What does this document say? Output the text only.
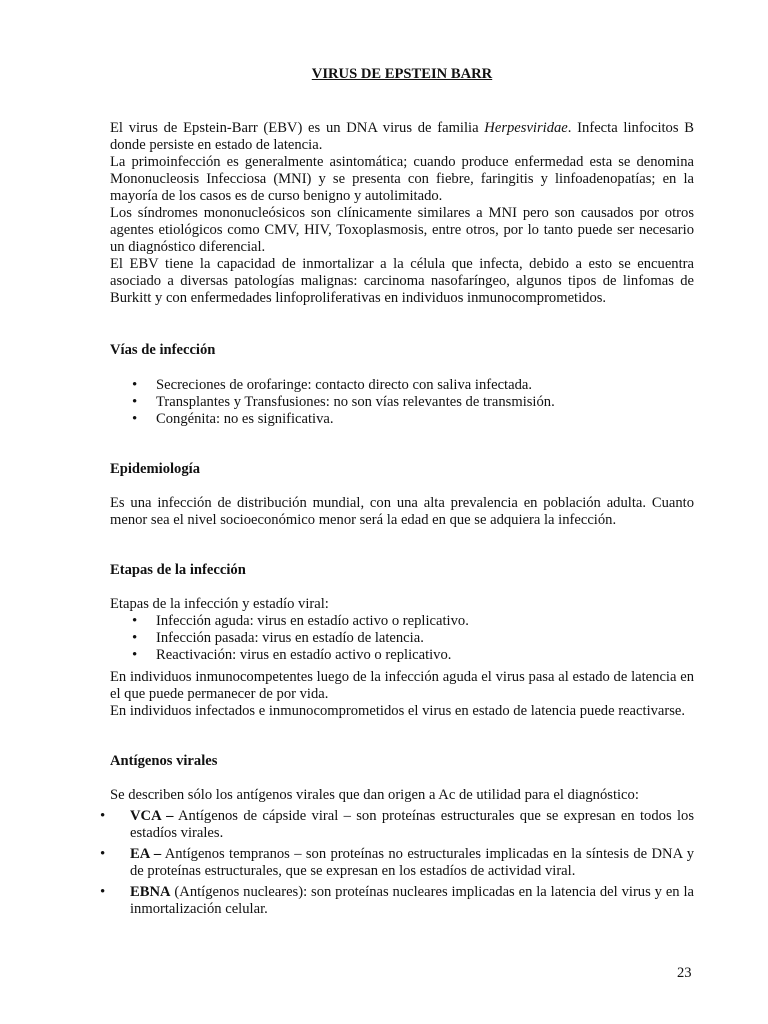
VIRUS DE EPSTEIN BARR

El virus de Epstein-Barr (EBV) es un DNA virus de familia Herpesviridae. Infecta linfocitos B donde persiste en estado de latencia.

La primoinfección es generalmente asintomática; cuando produce enfermedad esta se denomina Mononucleosis Infecciosa (MNI) y se presenta con fiebre, faringitis y linfoadenopatías; en la mayoría de los casos es de curso benigno y autolimitado.

Los síndromes mononucleósicos son clínicamente similares a MNI pero son causados por otros agentes etiológicos como CMV, HIV, Toxoplasmosis, entre otros, por lo tanto puede ser necesario un diagnóstico diferencial.

El EBV tiene la capacidad de inmortalizar a la célula que infecta, debido a esto se encuentra asociado a diversas patologías malignas: carcinoma nasofaríngeo, algunos tipos de linfomas de Burkitt y con enfermedades linfoproliferativas en individuos inmunocomprometidos.

Vías de infección
• Secreciones de orofaringe: contacto directo con saliva infectada.
• Transplantes y Transfusiones: no son vías relevantes de transmisión.
• Congénita: no es significativa.
Epidemiología

Es una infección de distribución mundial, con una alta prevalencia en población adulta. Cuanto menor sea el nivel socioeconómico menor será la edad en que se adquiera la infección.

Etapas de la infección

Etapas de la infección y estadío viral:

• Infección aguda: virus en estadío activo o replicativo.
• Infección pasada: virus en estadío de latencia.
• Reactivación: virus en estadío activo o replicativo.

En individuos inmunocompetentes luego de la infección aguda el virus pasa al estado de latencia en el que puede permanecer de por vida.

En individuos infectados e inmunocomprometidos el virus en estado de latencia puede reactivarse.

Antígenos virales

Se describen sólo los antígenos virales que dan origen a Ac de utilidad para el diagnóstico:

• VCA – Antígenos de cápside viral – son proteínas estructurales que se expresan en todos los estadíos virales.
• EA – Antígenos tempranos – son proteínas no estructurales implicadas en la síntesis de DNA y de proteínas estructurales, que se expresan en los estadíos de actividad viral.
• EBNA (Antígenos nucleares): son proteínas nucleares implicadas en la latencia del virus y en la inmortalización celular.
23
